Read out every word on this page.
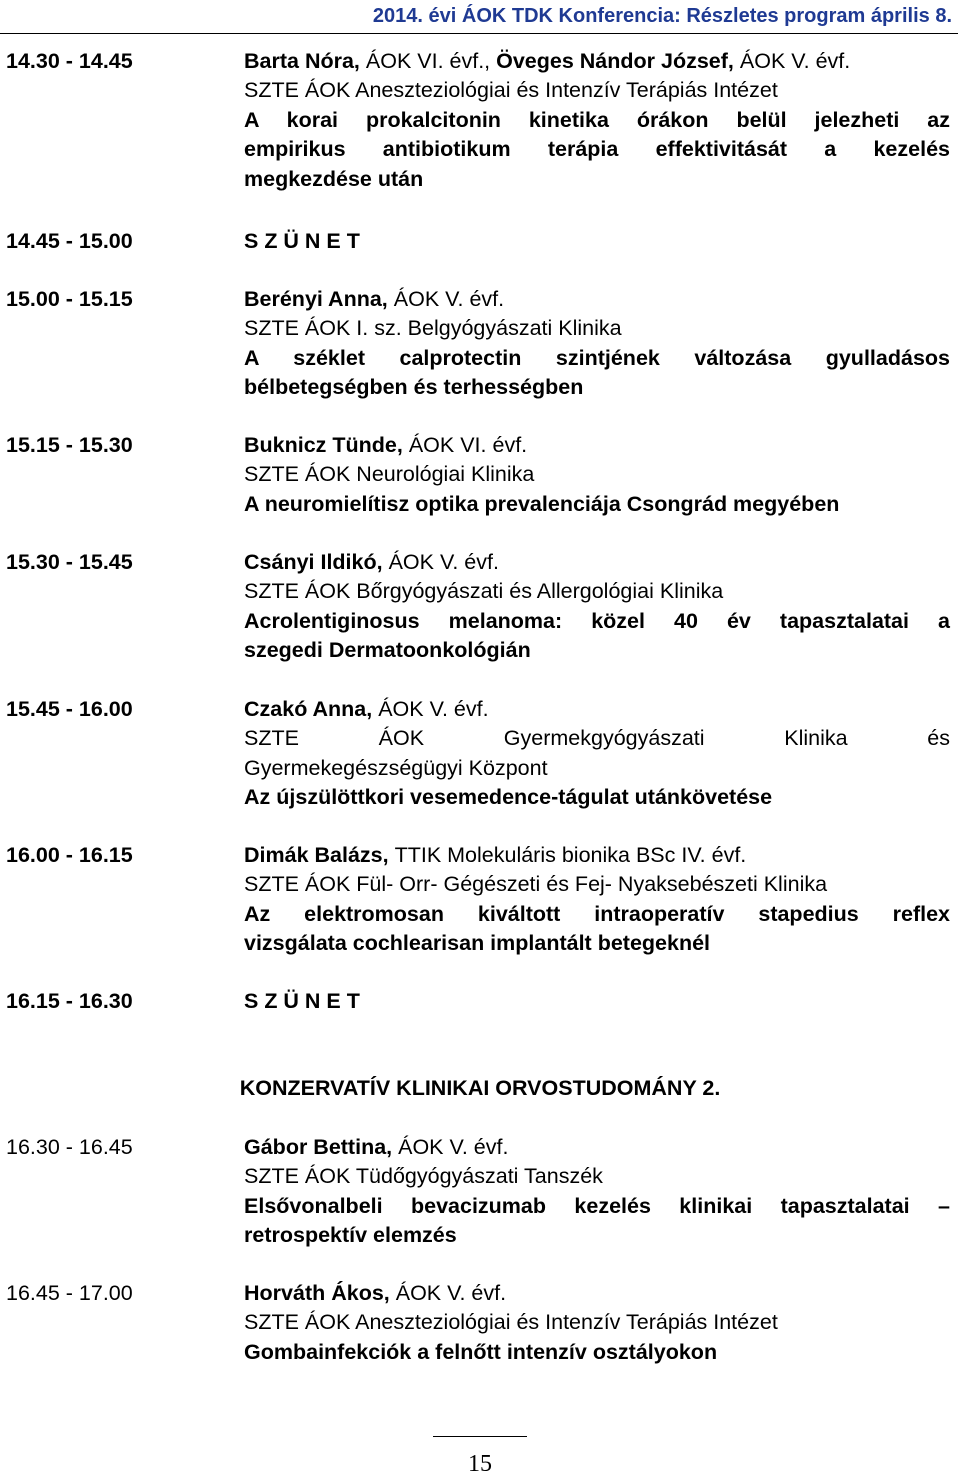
2014. évi ÁOK TDK Konferencia: Részletes program április 8.
14.30 - 14.45	Barta Nóra, ÁOK VI. évf., Öveges Nándor József, ÁOK V. évf.
SZTE ÁOK Aneszteziológiai és Intenzív Terápiás Intézet
A korai prokalcitonin kinetika órákon belül jelezheti az
empirikus antibiotikum terápia effektivitását a kezelés
megkezdése után
14.45 - 15.00	S Z Ü N E T
15.00 - 15.15	Berényi Anna, ÁOK V. évf.
SZTE ÁOK I. sz. Belgyógyászati Klinika
A széklet calprotectin szintjének változása gyulladásos
bélbetegségben és terhességben
15.15 - 15.30	Buknicz Tünde, ÁOK VI. évf.
SZTE ÁOK Neurológiai Klinika
A neuromielítisz optika prevalenciája Csongrád megyében
15.30 - 15.45	Csányi Ildikó, ÁOK V. évf.
SZTE ÁOK Bőrgyógyászati és Allergológiai Klinika
Acrolentiginosus melanoma: közel 40 év tapasztalatai a
szegedi Dermatoonkológián
15.45 - 16.00	Czakó Anna, ÁOK V. évf.
SZTE ÁOK Gyermekgyógyászati Klinika és
Gyermekegészségügyi Központ
Az újszülöttkori vesemedence-tágulat utánkövetése
16.00 - 16.15	Dimák Balázs, TTIK Molekuláris bionika BSc IV. évf.
SZTE ÁOK Fül- Orr- Gégészeti és Fej- Nyaksebészeti Klinika
Az elektromosan kiváltott intraoperatív stapedius reflex
vizsgálata cochlearisan implantált betegeknél
16.15 - 16.30	S Z Ü N E T
KONZERVATÍV KLINIKAI ORVOSTUDOMÁNY 2.
16.30 - 16.45	Gábor Bettina, ÁOK V. évf.
SZTE ÁOK Tüdőgyógyászati Tanszék
Elsővonalbeli bevacizumab kezelés klinikai tapasztalatai –
retrospektív elemzés
16.45 - 17.00	Horváth Ákos, ÁOK V. évf.
SZTE ÁOK Aneszteziológiai és Intenzív Terápiás Intézet
Gombainfekciók a felnőtt intenzív osztályokon
15
